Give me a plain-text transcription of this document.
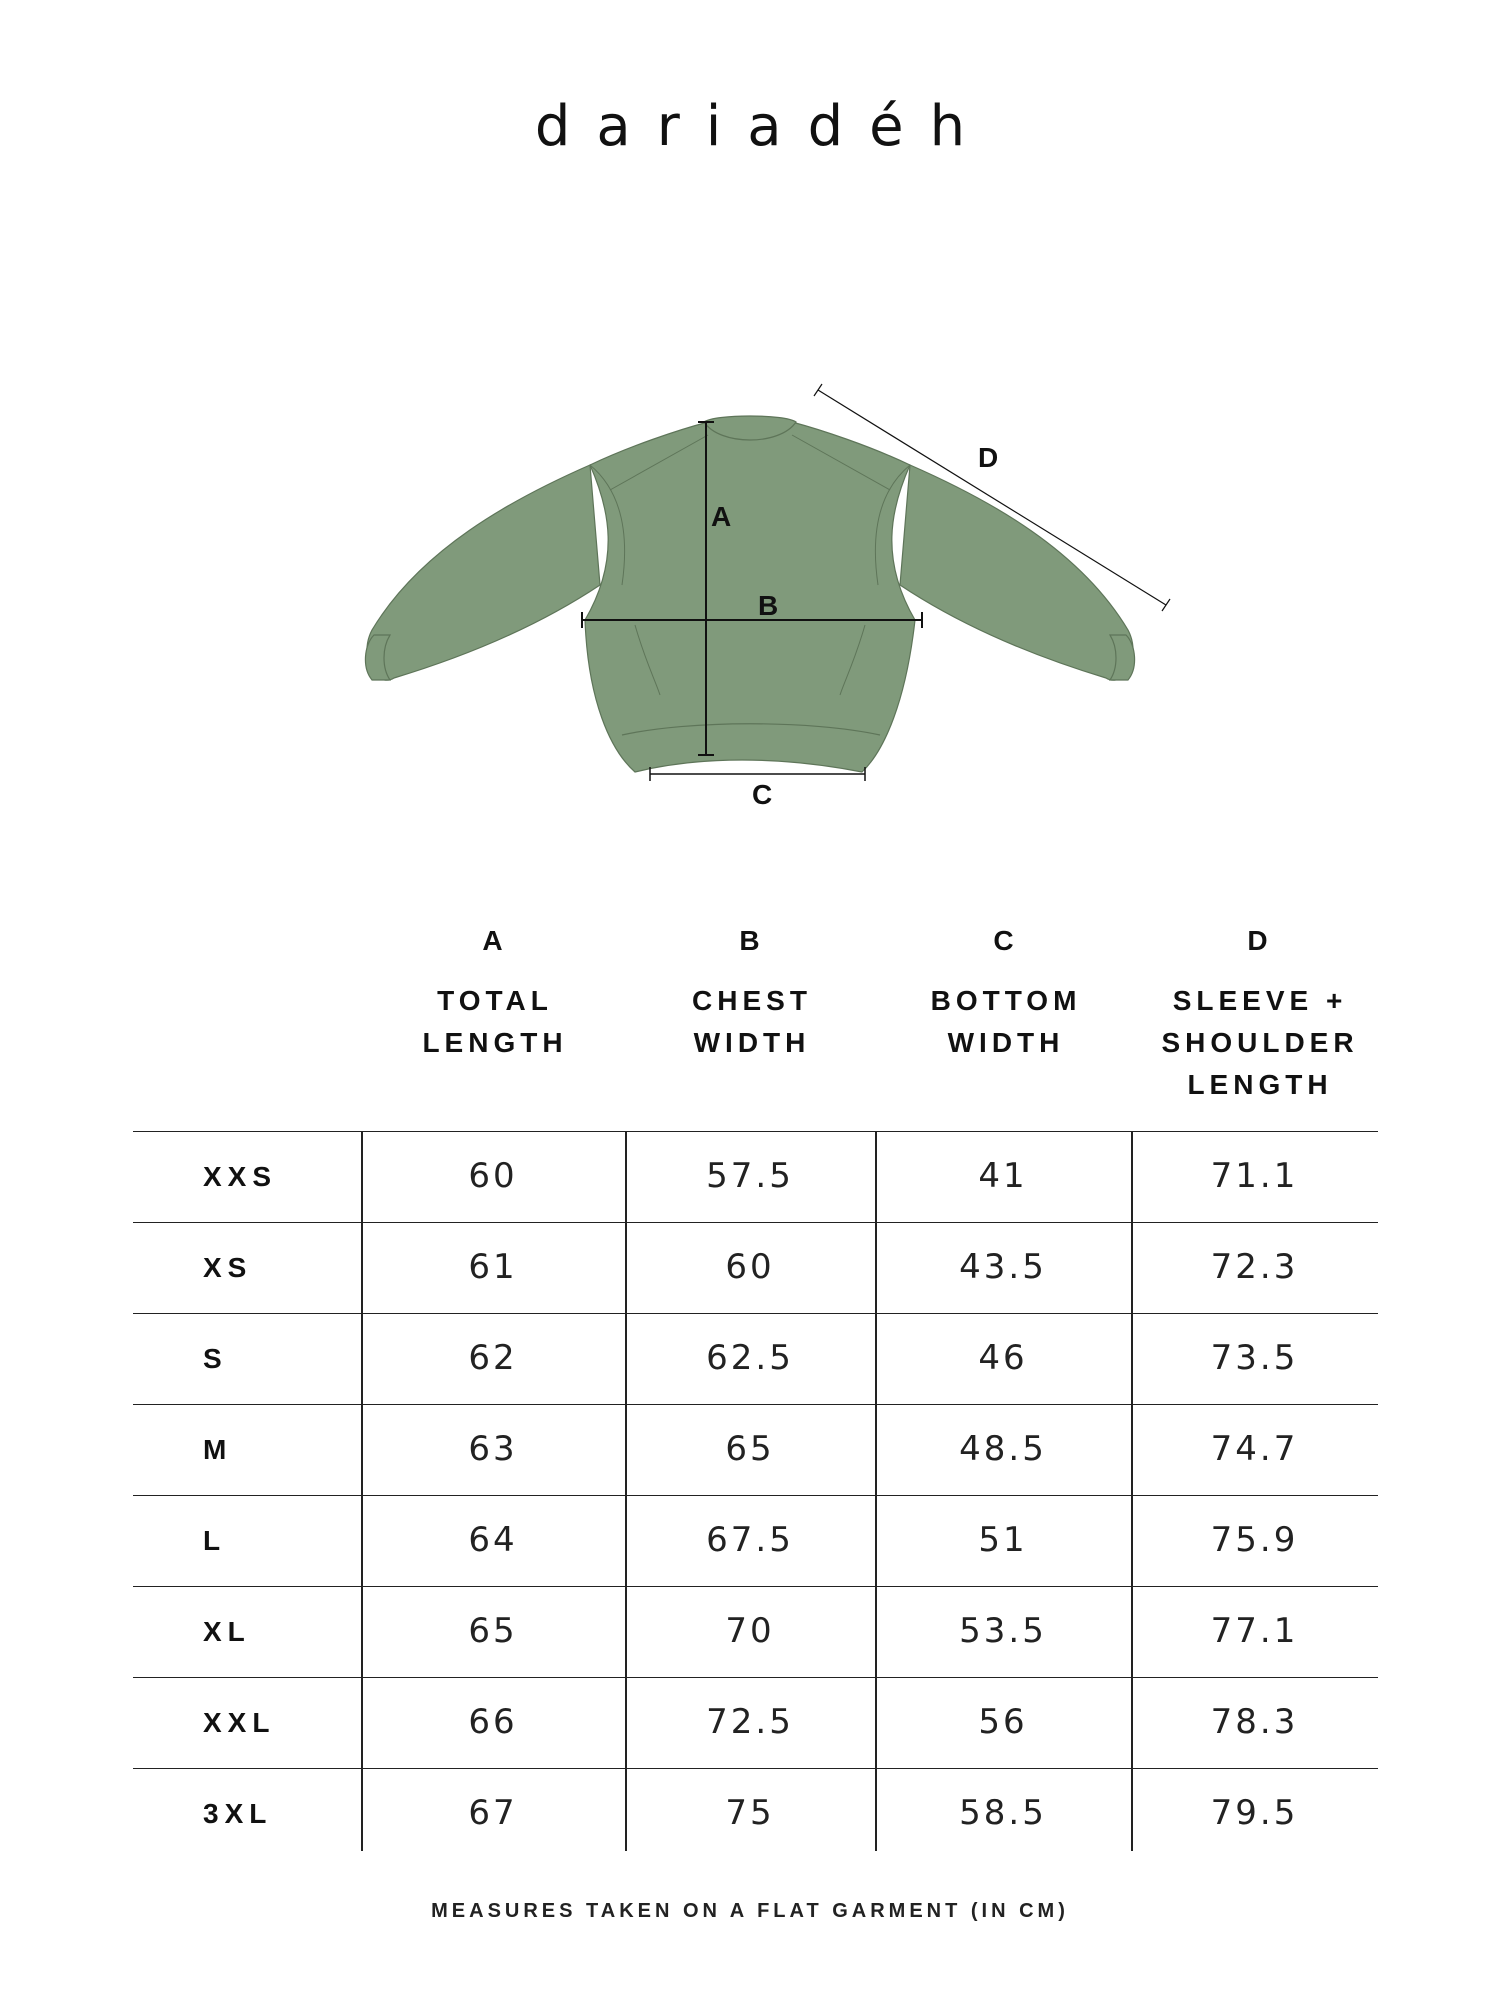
dariadéh
A
B
C
D
A
TOTAL
LENGTH
B
CHEST
WIDTH
C
BOTTOM
WIDTH
D
SLEEVE +
SHOULDER
LENGTH
XXS	60	57.5	41	71.1
XS	61	60	43.5	72.3
S	62	62.5	46	73.5
M	63	65	48.5	74.7
L	64	67.5	51	75.9
XL	65	70	53.5	77.1
XXL	66	72.5	56	78.3
3XL	67	75	58.5	79.5
MEASURES TAKEN ON A FLAT GARMENT (IN CM)
